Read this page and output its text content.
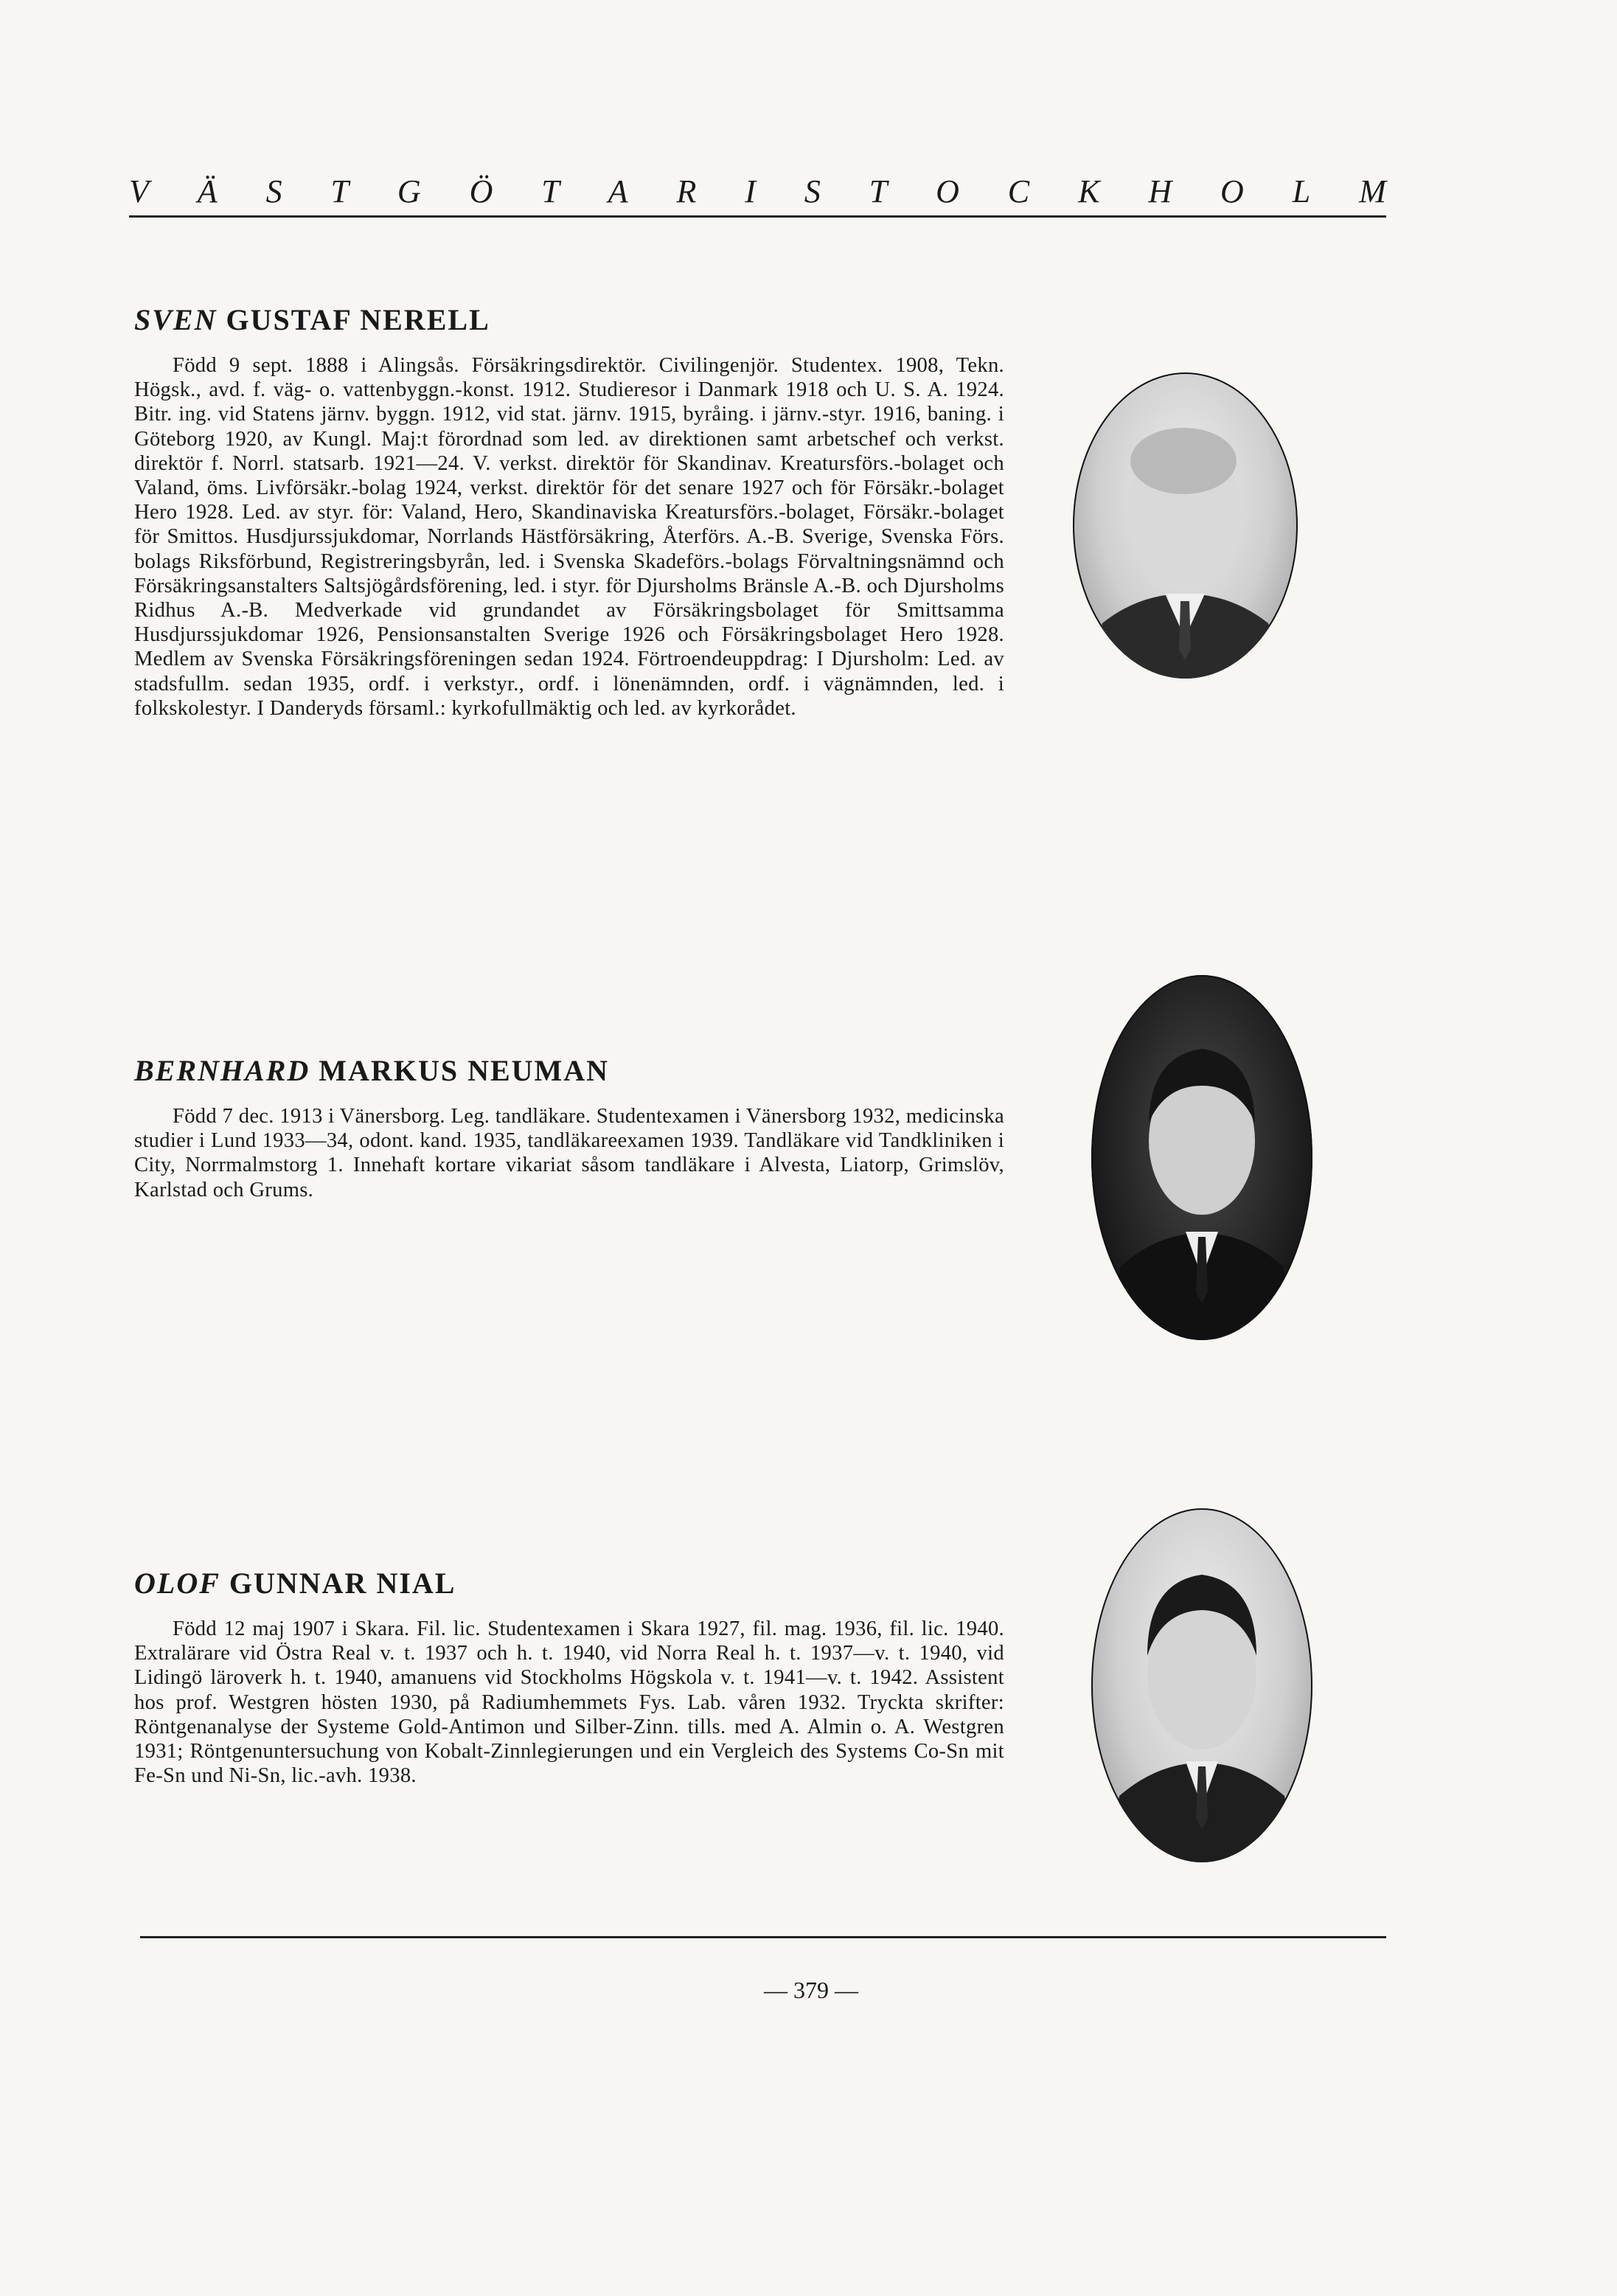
V Ä S T G Ö T A R I S T O C K H O L M
SVEN GUSTAF NERELL

Född 9 sept. 1888 i Alingsås. Försäkringsdirektör. Civilingenjör. Studentex. 1908, Tekn. Högsk., avd. f. väg- o. vattenbyggn.-konst. 1912. Studieresor i Danmark 1918 och U. S. A. 1924. Bitr. ing. vid Statens järnv. byggn. 1912, vid stat. järnv. 1915, byråing. i järnv.-styr. 1916, baning. i Göteborg 1920, av Kungl. Maj:t förordnad som led. av direktionen samt arbetschef och verkst. direktör f. Norrl. statsarb. 1921—24. V. verkst. direktör för Skandinav. Kreatursförs.-bolaget och Valand, öms. Livförsäkr.-bolag 1924, verkst. direktör för det senare 1927 och för Försäkr.-bolaget Hero 1928. Led. av styr. för: Valand, Hero, Skandinaviska Kreatursförs.-bolaget, Försäkr.-bolaget för Smittos. Husdjurssjukdomar, Norrlands Hästförsäkring, Återförs. A.-B. Sverige, Svenska Förs. bolags Riksförbund, Registreringsbyrån, led. i Svenska Skadeförs.-bolags Förvaltningsnämnd och Försäkringsanstalters Saltsjögårdsförening, led. i styr. för Djursholms Bränsle A.-B. och Djursholms Ridhus A.-B. Medverkade vid grundandet av Försäkringsbolaget för Smittsamma Husdjurssjukdomar 1926, Pensionsanstalten Sverige 1926 och Försäkringsbolaget Hero 1928. Medlem av Svenska Försäkringsföreningen sedan 1924. Förtroendeuppdrag: I Djursholm: Led. av stadsfullm. sedan 1935, ordf. i verkstyr., ordf. i lönenämnden, ordf. i vägnämnden, led. i folkskolestyr. I Danderyds församl.: kyrkofullmäktig och led. av kyrkorådet.

BERNHARD MARKUS NEUMAN

Född 7 dec. 1913 i Vänersborg. Leg. tandläkare. Studentexamen i Vänersborg 1932, medicinska studier i Lund 1933—34, odont. kand. 1935, tandläkareexamen 1939. Tandläkare vid Tandkliniken i City, Norrmalmstorg 1. Innehaft kortare vikariat såsom tandläkare i Alvesta, Liatorp, Grimslöv, Karlstad och Grums.

OLOF GUNNAR NIAL

Född 12 maj 1907 i Skara. Fil. lic. Studentexamen i Skara 1927, fil. mag. 1936, fil. lic. 1940. Extralärare vid Östra Real v. t. 1937 och h. t. 1940, vid Norra Real h. t. 1937—v. t. 1940, vid Lidingö läroverk h. t. 1940, amanuens vid Stockholms Högskola v. t. 1941—v. t. 1942. Assistent hos prof. Westgren hösten 1930, på Radiumhemmets Fys. Lab. våren 1932. Tryckta skrifter: Röntgenanalyse der Systeme Gold-Antimon und Silber-Zinn. tills. med A. Almin o. A. Westgren 1931; Röntgenuntersuchung von Kobalt-Zinnlegierungen und ein Vergleich des Systems Co-Sn mit Fe-Sn und Ni-Sn, lic.-avh. 1938.

— 379 —
